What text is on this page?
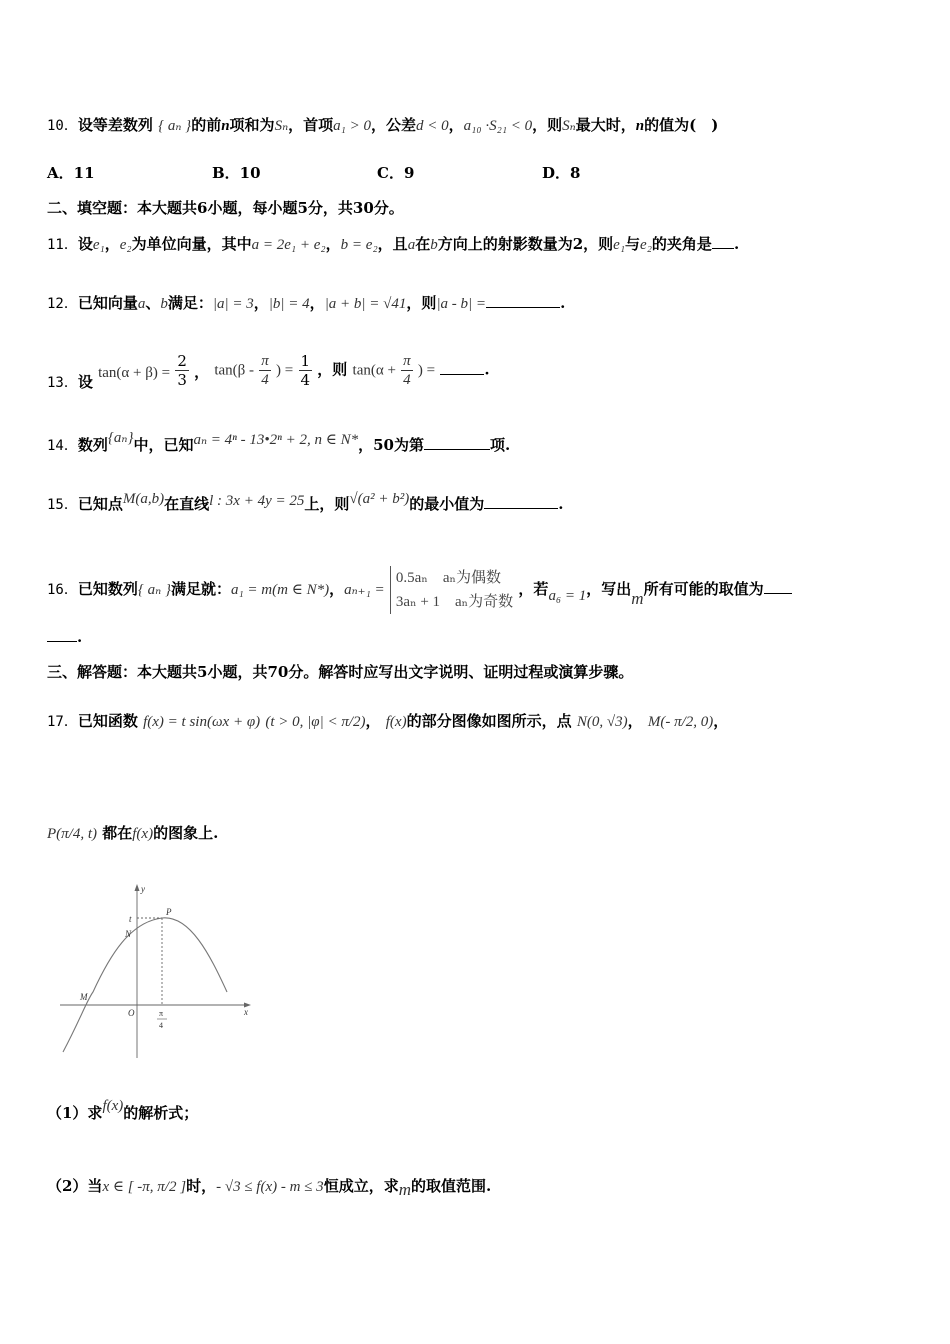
10．设等差数列 { aₙ }的前n项和为Sₙ，首项a₁ > 0，公差d < 0，a₁₀ ·S₂₁ < 0，则Sₙ最大时，n的值为(　)
A．11	B．10	C．9	D．8
二、填空题：本大题共6小题，每小题5分，共30分。
11．设e₁，e₂为单位向量，其中a = 2e₁ + e₂，b = e₂，且a在b方向上的射影数量为2，则e₁与e₂的夹角是 .
12．已知向量a、b满足：|a| = 3，|b| = 4，|a + b| = √41，则|a - b| =	.
13．设 $\tan(\alpha + \beta) = \frac{2}{3}$ ， $\tan(\beta - \frac{\pi}{4}$ ) = $\frac{1}{4}$ ，则 $\tan(\alpha + \frac{\pi}{4}$ ) =	.
14．数列{aₙ}中，已知aₙ = 4ⁿ - 13•2ⁿ + 2, n ∈ N*，50为第	项.
15．已知点M(a,b)在直线l : 3x + 4y = 25上，则√(a² + b²)的最小值为	.
16．已知数列{ aₙ }满足就：a₁ = m(m ∈ N*)，aₙ₊₁ =
0.5aₙ　aₙ为偶数
3aₙ + 1　aₙ为奇数
，若a₆ = 1，写出m所有可能的取值为
.
三、解答题：本大题共5小题，共70分。解答时应写出文字说明、证明过程或演算步骤。
17．已知函数 f(x) = t sin(ωx + φ) (t > 0, |φ| < π/2)， f(x)的部分图像如图所示，点 N(0, √3)， M(- π/2, 0)，
P(π/4, t) 都在f(x)的图象上.
y
x
t
P
N
M
O	π
4
（1）求f(x)的解析式；
（2）当x ∈ [ -π, π/2 ]时，- √3 ≤ f(x) - m ≤ 3恒成立，求m的取值范围.
